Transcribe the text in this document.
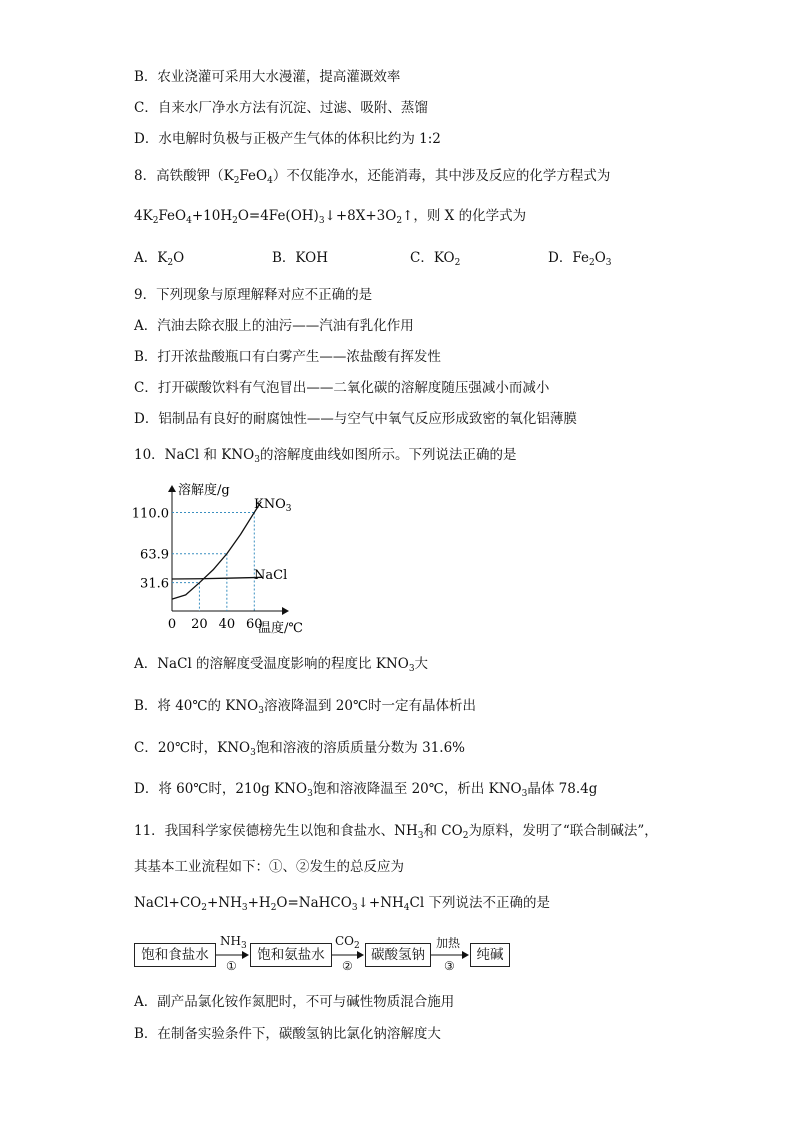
B．农业浇灌可采用大水漫灌，提高灌溉效率
C．自来水厂净水方法有沉淀、过滤、吸附、蒸馏
D．水电解时负极与正极产生气体的体积比约为 1:2
8．高铁酸钾$(K_2FeO_4)$不仅能净水，还能消毒，其中涉及反应的化学方程式为
$4K_2FeO_4+10H_2O=4Fe(OH)_3↓+8X+3O_2↑$，则 X 的化学式为
A．$K_2O$	B．KOH	C．$KO_2$	D．$Fe_2O_3$
9．下列现象与原理解释对应不正确的是
A．汽油去除衣服上的油污——汽油有乳化作用
B．打开浓盐酸瓶口有白雾产生——浓盐酸有挥发性
C．打开碳酸饮料有气泡冒出——二氧化碳的溶解度随压强减小而减小
D．铝制品有良好的耐腐蚀性——与空气中氧气反应形成致密的氧化铝薄膜
10．NaCl 和 $KNO_3$的溶解度曲线如图所示。下列说法正确的是
0 20 40 60
31.6
63.9
110.0
溶解度/g
温度/℃
$KNO_3$
NaCl
A．NaCl 的溶解度受温度影响的程度比 $KNO_3$大
B．将 40℃的 $KNO_3$溶液降温到 20℃时一定有晶体析出
C．20℃时，$KNO_3$饱和溶液的溶质质量分数为 31.6%
D．将 60℃时，210g $KNO_3$饱和溶液降温至 20℃，析出 $KNO_3$晶体 78.4g
11．我国科学家侯德榜先生以饱和食盐水、$NH_3$和 $CO_2$为原料，发明了“联合制碱法”，
其基本工业流程如下：①、②发生的总反应为
$NaCl+CO_2+NH_3+H_2O=NaHCO_3↓+NH_4Cl$ 下列说法不正确的是
饱和食盐水	饱和氨盐水	碳酸氢钠	纯碱
$NH_3$
①
$CO_2$
②
加热
③
A．副产品氯化铵作氮肥时，不可与碱性物质混合施用
B．在制备实验条件下，碳酸氢钠比氯化钠溶解度大
